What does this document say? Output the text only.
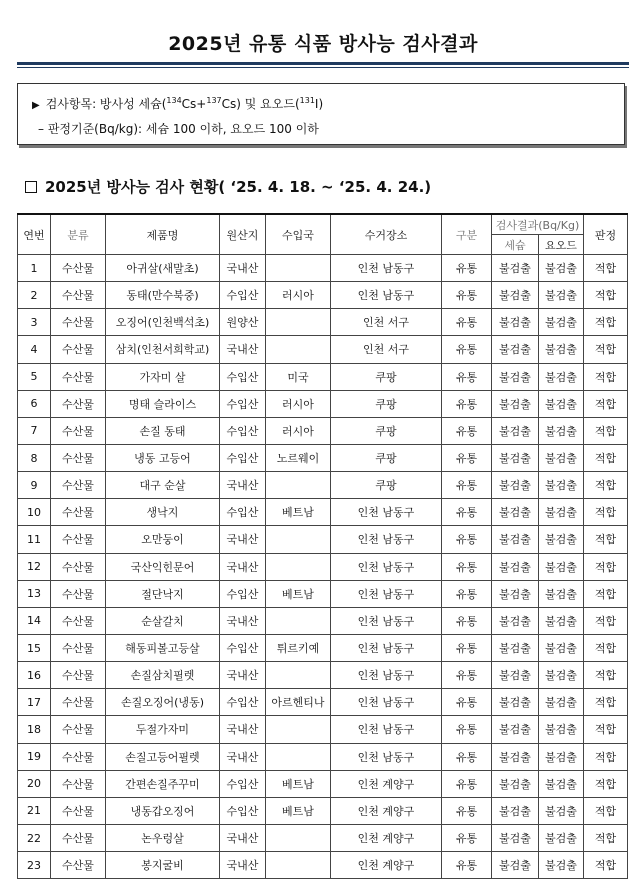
2025년 유통 식품 방사능 검사결과
▶ 검사항목: 방사성 세슘($^{134}$Cs+$^{137}$Cs) 및 요오드($^{131}$I)
– 판정기준(Bq/kg): 세슘 100 이하, 요오드 100 이하
2025년 방사능 검사 현황( ‘25. 4. 18. ~ ‘25. 4. 24.)
연번	분류	제품명	원산지	수입국	수거장소	구분	검사결과(Bq/Kg)		판정
							세슘	요오드	
1	수산물	아귀살(새말초)	국내산		인천 남동구	유통	불검출	불검출	적합
2	수산물	동태(만수북중)	수입산	러시아	인천 남동구	유통	불검출	불검출	적합
3	수산물	오징어(인천백석초)	원양산		인천 서구	유통	불검출	불검출	적합
4	수산물	삼치(인천서희학교)	국내산		인천 서구	유통	불검출	불검출	적합
5	수산물	가자미 살	수입산	미국	쿠팡	유통	불검출	불검출	적합
6	수산물	명태 슬라이스	수입산	러시아	쿠팡	유통	불검출	불검출	적합
7	수산물	손질 동태	수입산	러시아	쿠팡	유통	불검출	불검출	적합
8	수산물	냉동 고등어	수입산	노르웨이	쿠팡	유통	불검출	불검출	적합
9	수산물	대구 순살	국내산		쿠팡	유통	불검출	불검출	적합
10	수산물	생낙지	수입산	베트남	인천 남동구	유통	불검출	불검출	적합
11	수산물	오만둥이	국내산		인천 남동구	유통	불검출	불검출	적합
12	수산물	국산익힌문어	국내산		인천 남동구	유통	불검출	불검출	적합
13	수산물	절단낙지	수입산	베트남	인천 남동구	유통	불검출	불검출	적합
14	수산물	순살갈치	국내산		인천 남동구	유통	불검출	불검출	적합
15	수산물	해동피볼고등살	수입산	튀르키예	인천 남동구	유통	불검출	불검출	적합
16	수산물	손질삼치필렛	국내산		인천 남동구	유통	불검출	불검출	적합
17	수산물	손질오징어(냉동)	수입산	아르헨티나	인천 남동구	유통	불검출	불검출	적합
18	수산물	두절가자미	국내산		인천 남동구	유통	불검출	불검출	적합
19	수산물	손질고등어필렛	국내산		인천 남동구	유통	불검출	불검출	적합
20	수산물	간편손질주꾸미	수입산	베트남	인천 계양구	유통	불검출	불검출	적합
21	수산물	냉동갑오징어	수입산	베트남	인천 계양구	유통	불검출	불검출	적합
22	수산물	논우렁살	국내산		인천 계양구	유통	불검출	불검출	적합
23	수산물	봉지굴비	국내산		인천 계양구	유통	불검출	불검출	적합
